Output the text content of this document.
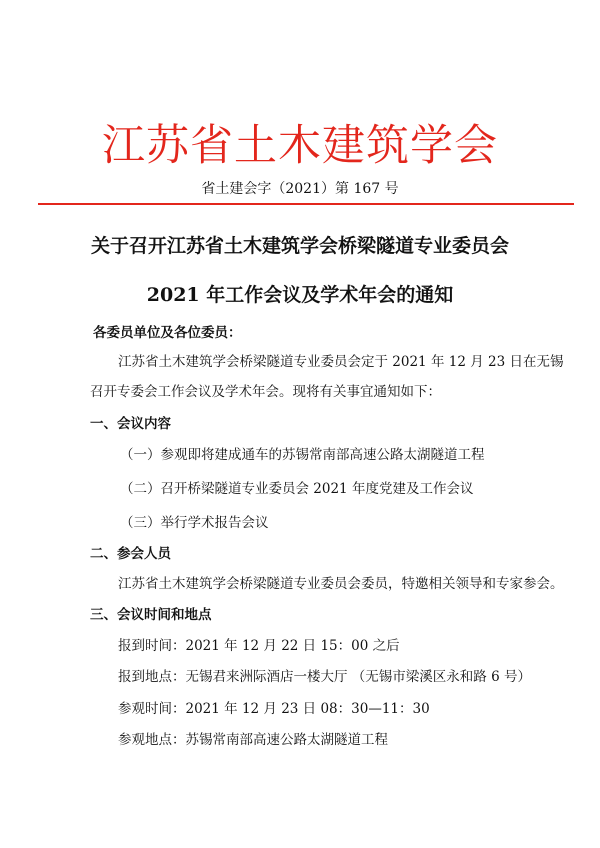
江苏省土木建筑学会
省土建会字（2021）第 167 号
关于召开江苏省土木建筑学会桥梁隧道专业委员会
2021 年工作会议及学术年会的通知
各委员单位及各位委员：
江苏省土木建筑学会桥梁隧道专业委员会定于 2021 年 12 月 23 日在无锡
召开专委会工作会议及学术年会。现将有关事宜通知如下：
一、会议内容
（一）参观即将建成通车的苏锡常南部高速公路太湖隧道工程
（二）召开桥梁隧道专业委员会 2021 年度党建及工作会议
（三）举行学术报告会议
二、参会人员
江苏省土木建筑学会桥梁隧道专业委员会委员，特邀相关领导和专家参会。
三、会议时间和地点
报到时间：2021 年 12 月 22 日 15：00 之后
报到地点：无锡君来洲际酒店一楼大厅 （无锡市梁溪区永和路 6 号）
参观时间：2021 年 12 月 23 日 08：30—11：30
参观地点：苏锡常南部高速公路太湖隧道工程
